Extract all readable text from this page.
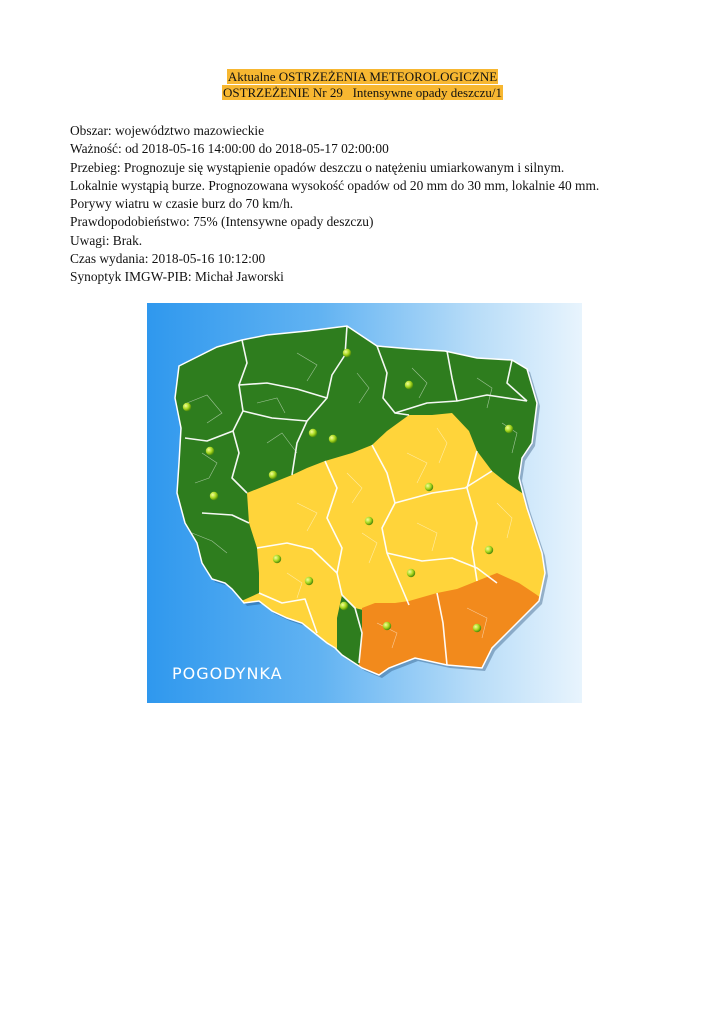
Aktualne OSTRZEŻENIA METEOROLOGICZNE
OSTRZEŻENIE Nr 29   Intensywne opady deszczu/1
Obszar: województwo mazowieckie
Ważność: od 2018-05-16 14:00:00 do 2018-05-17 02:00:00
Przebieg: Prognozuje się wystąpienie opadów deszczu o natężeniu umiarkowanym i silnym.
Lokalnie wystąpią burze. Prognozowana wysokość opadów od 20 mm do 30 mm, lokalnie 40 mm.
Porywy wiatru w czasie burz do 70 km/h.
Prawdopodobieństwo: 75% (Intensywne opady deszczu)
Uwagi: Brak.
Czas wydania: 2018-05-16 10:12:00
Synoptyk IMGW-PIB: Michał Jaworski
POGODYNKA
